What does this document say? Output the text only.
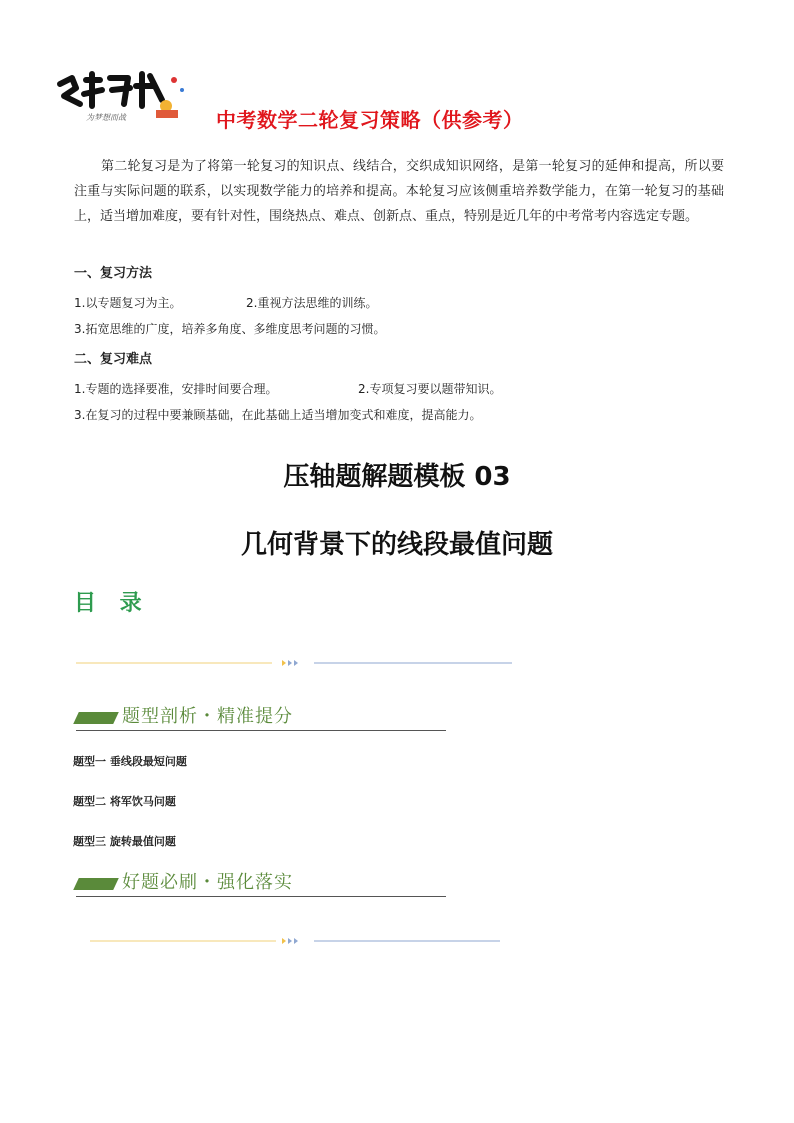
为梦想而战	中考数学二轮复习策略（供参考）
第二轮复习是为了将第一轮复习的知识点、线结合，交织成知识网络，是第一轮复习的延伸和提高，所以要注重与实际问题的联系，以实现数学能力的培养和提高。本轮复习应该侧重培养数学能力，在第一轮复习的基础上，适当增加难度，要有针对性，围绕热点、难点、创新点、重点，特别是近几年的中考常考内容选定专题。
一、复习方法
1.以专题复习为主。	2.重视方法思维的训练。
3.拓宽思维的广度，培养多角度、多维度思考问题的习惯。
二、复习难点
1.专题的选择要准，安排时间要合理。	2.专项复习要以题带知识。
3.在复习的过程中要兼顾基础，在此基础上适当增加变式和难度，提高能力。
压轴题解题模板 03
几何背景下的线段最值问题
目 录
题型剖析・精准提分
题型一 垂线段最短问题
题型二 将军饮马问题
题型三 旋转最值问题
好题必刷・强化落实
